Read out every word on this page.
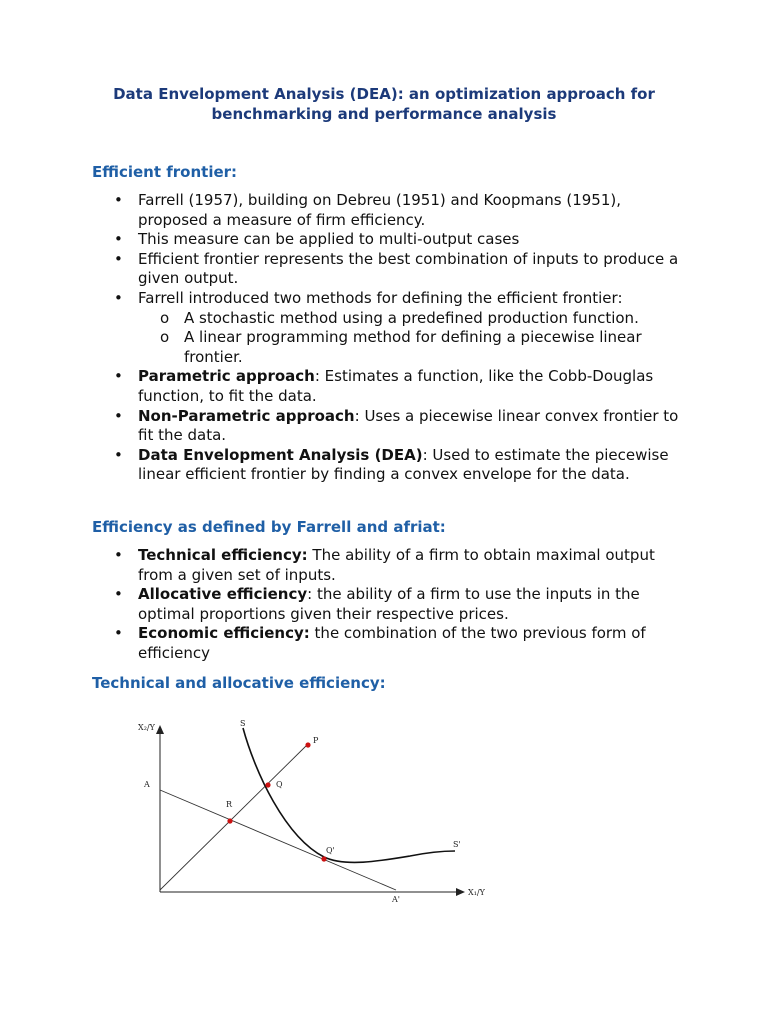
Data Envelopment Analysis (DEA): an optimization approach for
benchmarking and performance analysis
Efficient frontier:
• Farrell (1957), building on Debreu (1951) and Koopmans (1951), proposed a measure of firm efficiency.
• This measure can be applied to multi-output cases
• Efficient frontier represents the best combination of inputs to produce a given output.
• Farrell introduced two methods for defining the efficient frontier:
o A stochastic method using a predefined production function.
o A linear programming method for defining a piecewise linear frontier.
• Parametric approach: Estimates a function, like the Cobb-Douglas function, to fit the data.
• Non-Parametric approach: Uses a piecewise linear convex frontier to fit the data.
• Data Envelopment Analysis (DEA): Used to estimate the piecewise linear efficient frontier by finding a convex envelope for the data.
Efficiency as defined by Farrell and afriat:
• Technical efficiency: The ability of a firm to obtain maximal output from a given set of inputs.
• Allocative efficiency: the ability of a firm to use the inputs in the optimal proportions given their respective prices.
• Economic efficiency: the combination of the two previous form of efficiency
Technical and allocative efficiency:
X₂/Y
X₁/Y
S
S'
A
A'
P
Q
R
Q'
